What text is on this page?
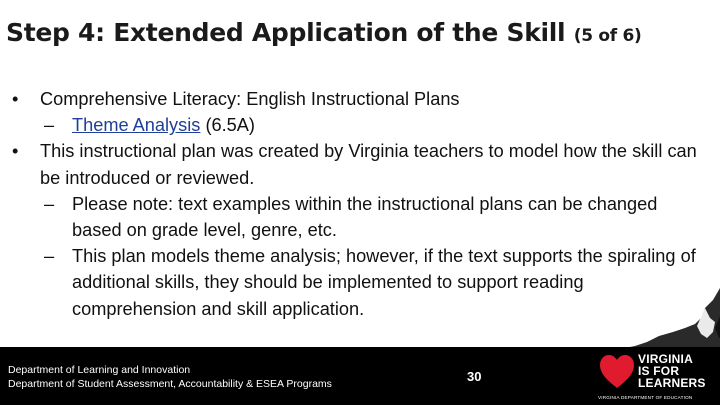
Step 4: Extended Application of the Skill (5 of 6)

• Comprehensive Literacy: English Instructional Plans

– Theme Analysis (6.5A)

• This instructional plan was created by Virginia teachers to model how the skill can be introduced or reviewed.

– Please note: text examples within the instructional plans can be changed based on grade level, genre, etc.

– This plan models theme analysis; however, if the text supports the spiraling of additional skills, they should be implemented to support reading comprehension and skill application.

Department of Learning and Innovation
Department of Student Assessment, Accountability & ESEA Programs	30
VIRGINIA
IS FOR
LEARNERS
VIRGINIA DEPARTMENT OF EDUCATION
